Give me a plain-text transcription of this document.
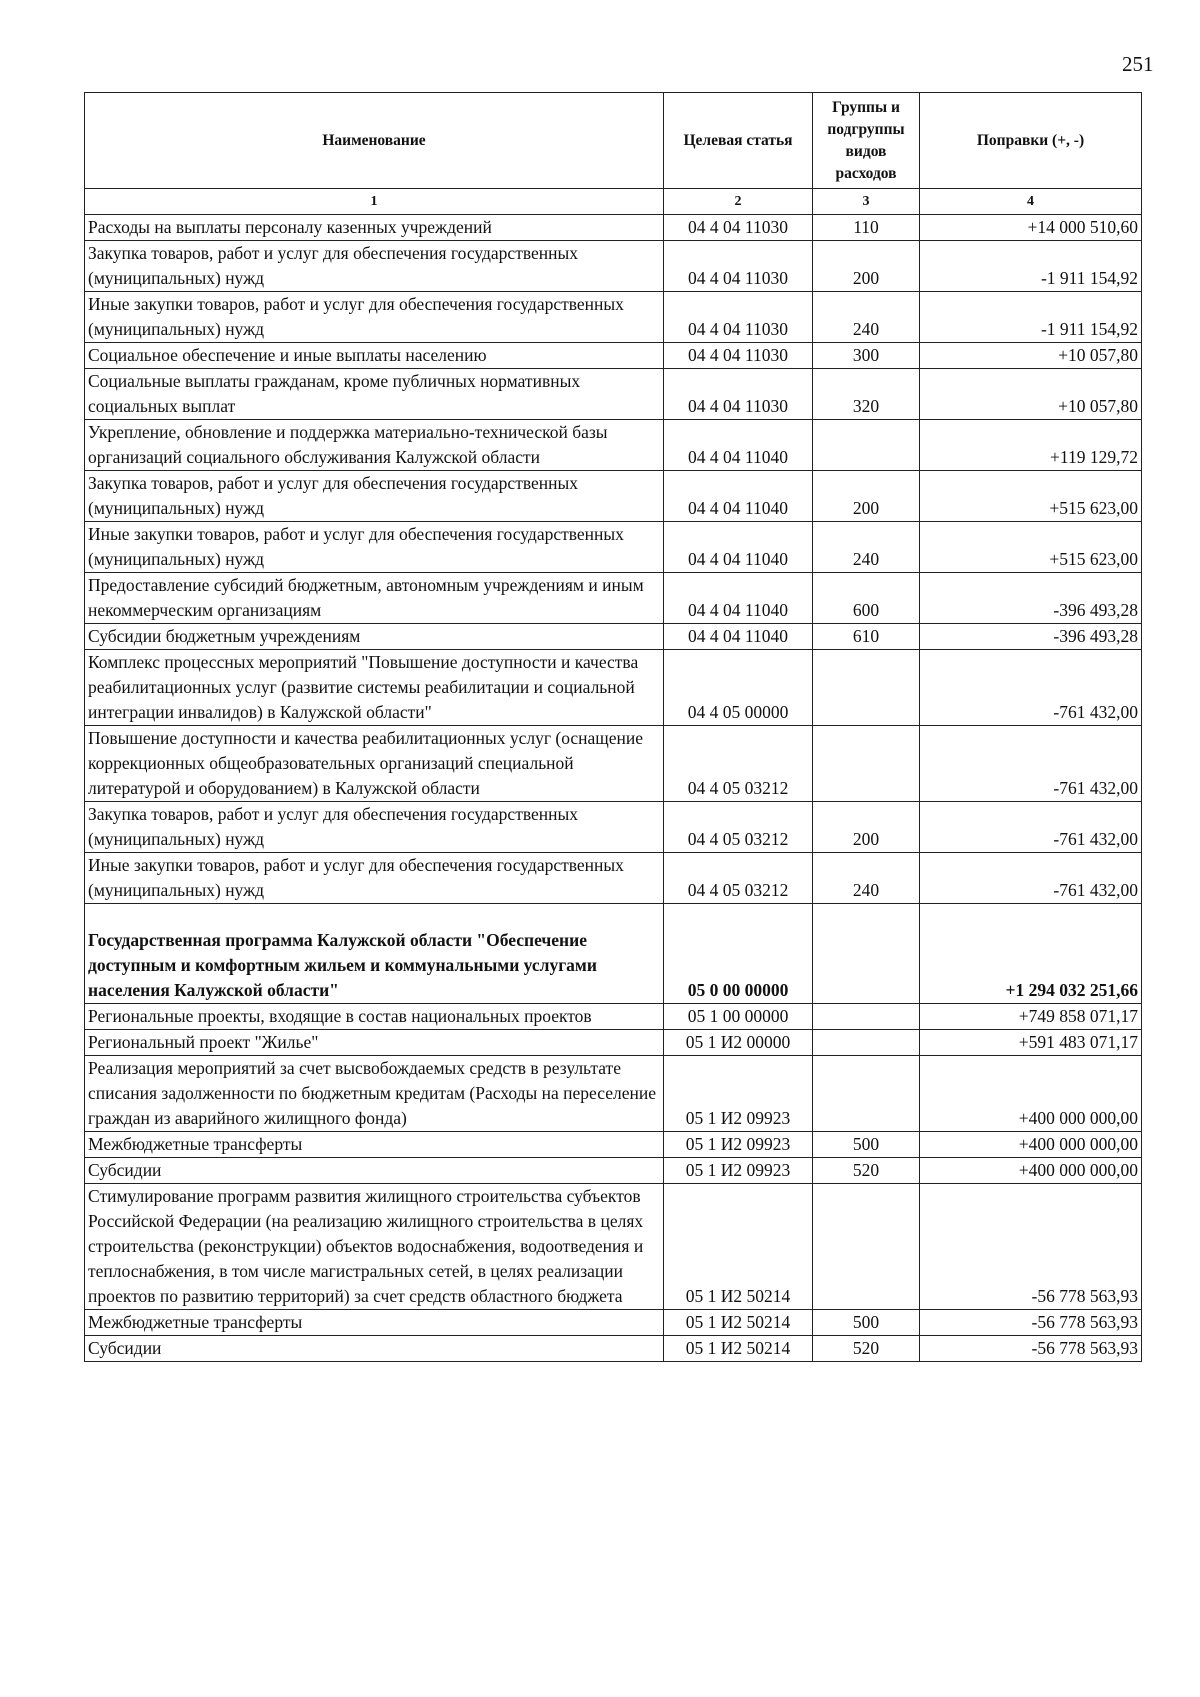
251
Наименование	Целевая статья	Группы и подгруппы видов расходов	Поправки (+, -)
1	2	3	4
Расходы на выплаты персоналу казенных учреждений	04 4 04 11030	110	+14 000 510,60
Закупка товаров, работ и услуг для обеспечения государственных (муниципальных) нужд	04 4 04 11030	200	-1 911 154,92
Иные закупки товаров, работ и услуг для обеспечения государственных (муниципальных) нужд	04 4 04 11030	240	-1 911 154,92
Социальное обеспечение и иные выплаты населению	04 4 04 11030	300	+10 057,80
Социальные выплаты гражданам, кроме публичных нормативных социальных выплат	04 4 04 11030	320	+10 057,80
Укрепление, обновление и поддержка материально-технической базы организаций социального обслуживания Калужской области	04 4 04 11040		+119 129,72
Закупка товаров, работ и услуг для обеспечения государственных (муниципальных) нужд	04 4 04 11040	200	+515 623,00
Иные закупки товаров, работ и услуг для обеспечения государственных (муниципальных) нужд	04 4 04 11040	240	+515 623,00
Предоставление субсидий бюджетным, автономным учреждениям и иным некоммерческим организациям	04 4 04 11040	600	-396 493,28
Субсидии бюджетным учреждениям	04 4 04 11040	610	-396 493,28
Комплекс процессных мероприятий "Повышение доступности и качества реабилитационных услуг (развитие системы реабилитации и социальной интеграции инвалидов) в Калужской области"	04 4 05 00000		-761 432,00
Повышение доступности и качества реабилитационных услуг (оснащение коррекционных общеобразовательных организаций специальной литературой и оборудованием) в Калужской области	04 4 05 03212		-761 432,00
Закупка товаров, работ и услуг для обеспечения государственных (муниципальных) нужд	04 4 05 03212	200	-761 432,00
Иные закупки товаров, работ и услуг для обеспечения государственных (муниципальных) нужд	04 4 05 03212	240	-761 432,00
Государственная программа Калужской области "Обеспечение доступным и комфортным жильем и коммунальными услугами населения Калужской области"	05 0 00 00000		+1 294 032 251,66
Региональные проекты, входящие в состав национальных проектов	05 1 00 00000		+749 858 071,17
Региональный проект "Жилье"	05 1 И2 00000		+591 483 071,17
Реализация мероприятий за счет высвобождаемых средств в результате списания задолженности по бюджетным кредитам (Расходы на переселение граждан из аварийного жилищного фонда)	05 1 И2 09923		+400 000 000,00
Межбюджетные трансферты	05 1 И2 09923	500	+400 000 000,00
Субсидии	05 1 И2 09923	520	+400 000 000,00
Стимулирование программ развития жилищного строительства субъектов Российской Федерации (на реализацию жилищного строительства в целях строительства (реконструкции) объектов водоснабжения, водоотведения и теплоснабжения, в том числе магистральных сетей, в целях реализации проектов по развитию территорий) за счет средств областного бюджета	05 1 И2 50214		-56 778 563,93
Межбюджетные трансферты	05 1 И2 50214	500	-56 778 563,93
Субсидии	05 1 И2 50214	520	-56 778 563,93
